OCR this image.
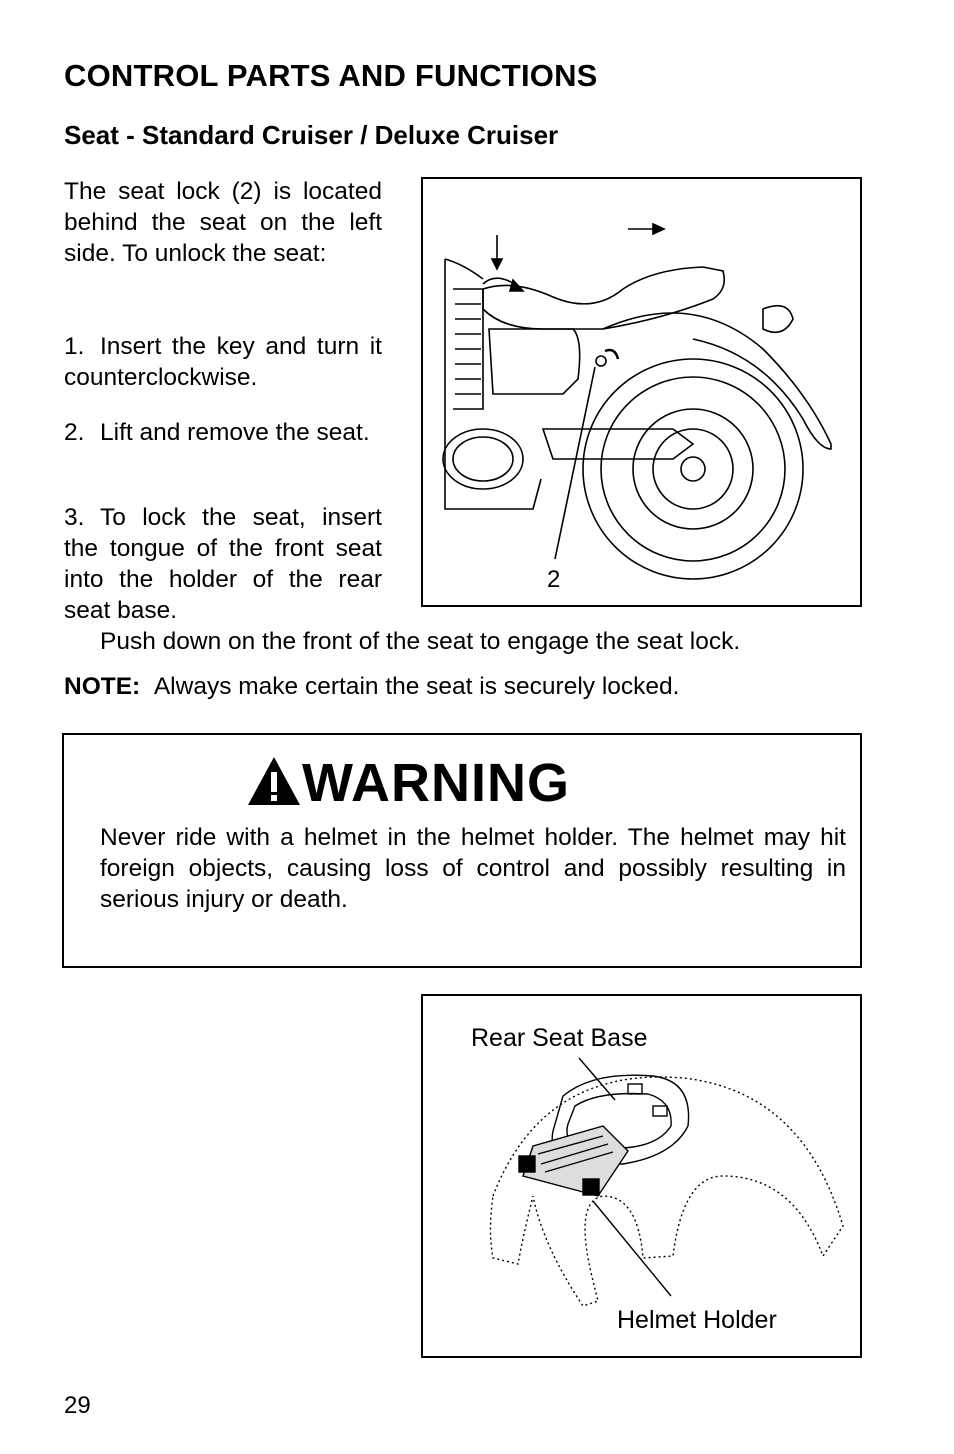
CONTROL PARTS AND FUNCTIONS
Seat - Standard Cruiser / Deluxe Cruiser
The seat lock (2) is located behind the seat on the left side. To unlock the seat:
1. Insert the key and turn it counterclockwise.
2. Lift and remove the seat.
3. To lock the seat, insert the tongue of the front seat into the holder of the rear seat base.
Push down on the front of the seat to engage the seat lock.
NOTE: Always make certain the seat is securely locked.
2
WARNING
Never ride with a helmet in the helmet holder. The helmet may hit foreign objects, causing loss of control and possibly resulting in serious injury or death.
Rear Seat Base
Helmet Holder
29
